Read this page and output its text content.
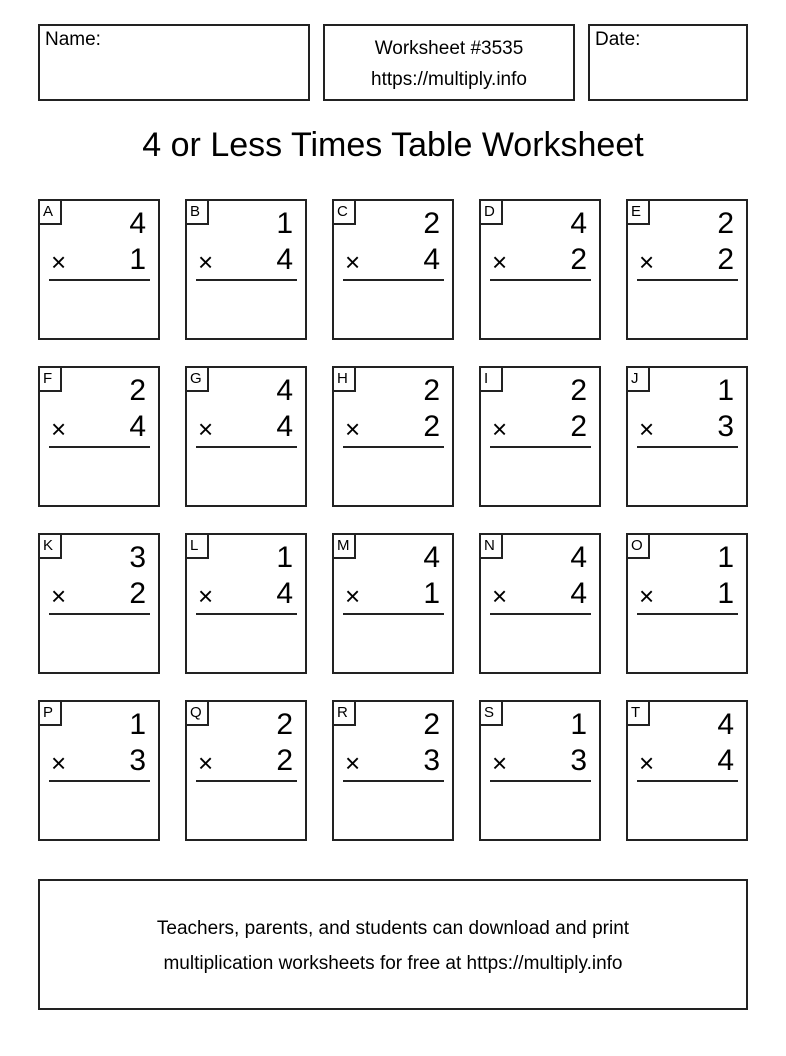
Name:	Worksheet #3535
https://multiply.info
Date:
4 or Less Times Table Worksheet
A	4
× 1
B	1
× 4
C	2
× 4
D	4
× 2
E	2
× 2
F	2
× 4
G 4
× 4
H	2
× 2
I	2
× 2
J	1
× 3
K	3
× 2
L	1
× 4
M 4
× 1
N	4
× 4
O 1
× 1
P	1
× 3
Q 2
× 2
R	2
× 3
S	1
× 3
T	4
× 4
Teachers, parents, and students can download and print
multiplication worksheets for free at https://multiply.info
